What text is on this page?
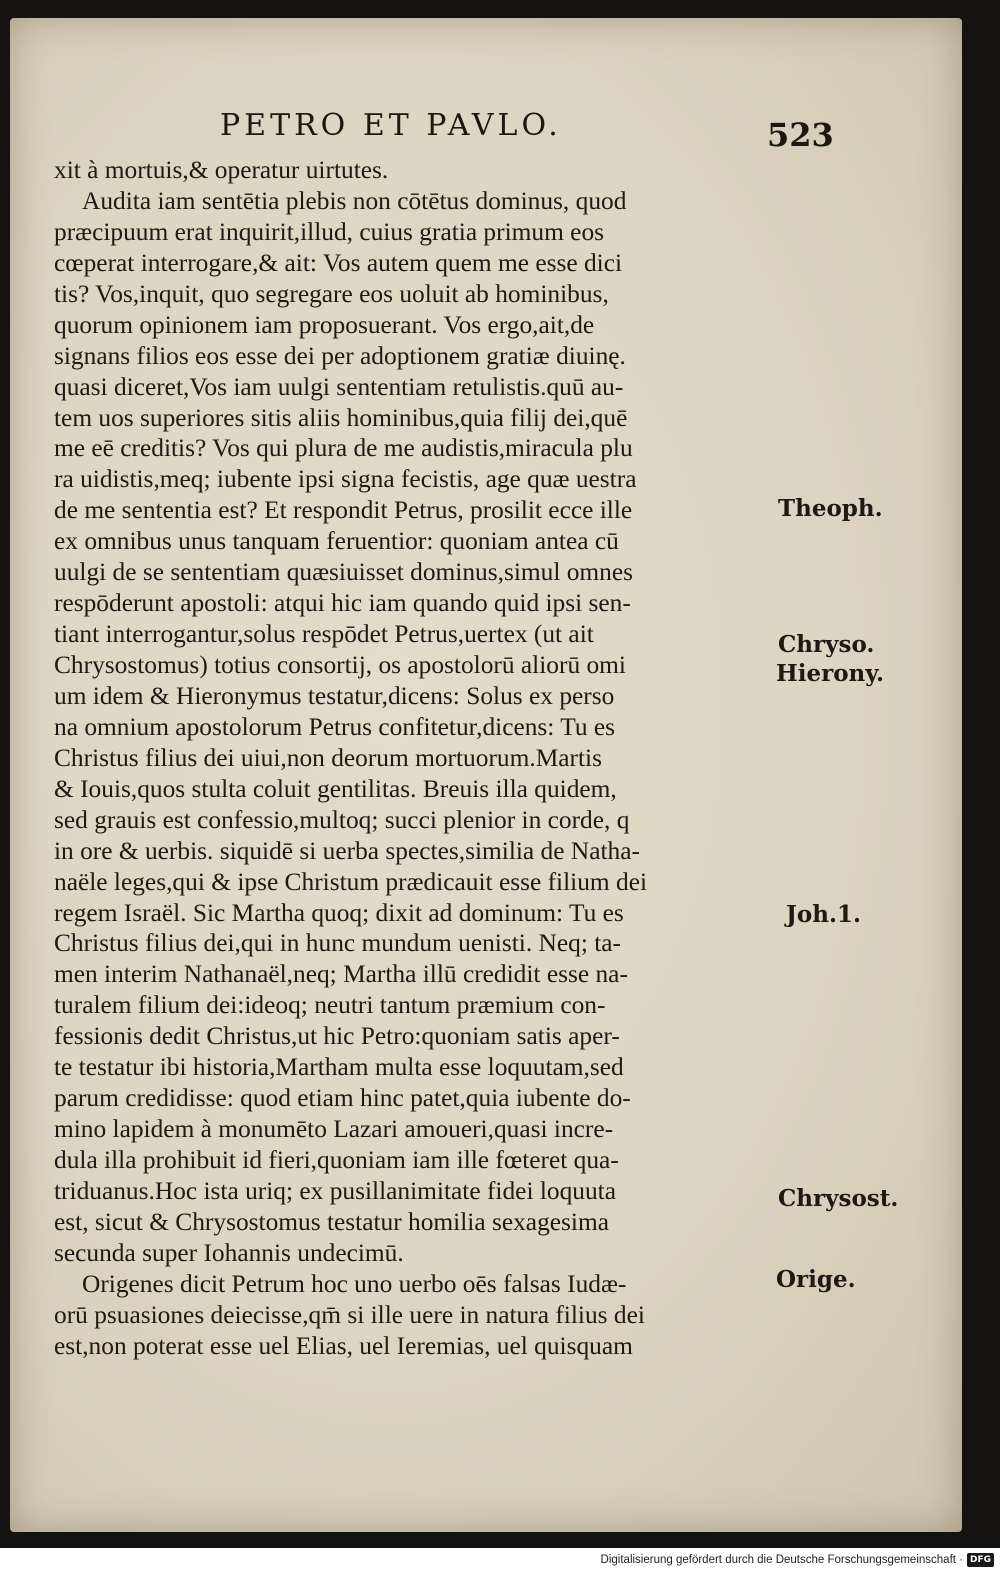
PETRO ET PAVLO.	523
xit à mortuis,& operatur uirtutes.
Audita iam sentētia plebis non cōtētus dominus, quod
præcipuum erat inquirit,illud, cuius gratia primum eos
cœperat interrogare,& ait: Vos autem quem me esse dici
tis? Vos,inquit, quo segregare eos uoluit ab hominibus,
quorum opinionem iam proposuerant. Vos ergo,ait,de
signans filios eos esse dei per adoptionem gratiæ diuinę.
quasi diceret,Vos iam uulgi sententiam retulistis.quū au-
tem uos superiores sitis aliis hominibus,quia filij dei,quē
me eē creditis? Vos qui plura de me audistis,miracula plu
ra uidistis,meq; iubente ipsi signa fecistis, age quæ uestra
de me sententia est? Et respondit Petrus, prosilit ecce ille
ex omnibus unus tanquam feruentior: quoniam antea cū
uulgi de se sententiam quæsiuisset dominus,simul omnes
respōderunt apostoli: atqui hic iam quando quid ipsi sen-
tiant interrogantur,solus respōdet Petrus,uertex (ut ait
Chrysostomus) totius consortij, os apostolorū aliorū omi
um idem & Hieronymus testatur,dicens: Solus ex perso
na omnium apostolorum Petrus confitetur,dicens: Tu es
Christus filius dei uiui,non deorum mortuorum.Martis
& Iouis,quos stulta coluit gentilitas. Breuis illa quidem,
sed grauis est confessio,multoq; succi plenior in corde, q
in ore & uerbis. siquidē si uerba spectes,similia de Natha-
naële leges,qui & ipse Christum prædicauit esse filium dei
regem Israël. Sic Martha quoq; dixit ad dominum: Tu es
Christus filius dei,qui in hunc mundum uenisti. Neq; ta-
men interim Nathanaël,neq; Martha illū credidit esse na-
turalem filium dei:ideoq; neutri tantum præmium con-
fessionis dedit Christus,ut hic Petro:quoniam satis aper-
te testatur ibi historia,Martham multa esse loquutam,sed
parum credidisse: quod etiam hinc patet,quia iubente do-
mino lapidem à monumēto Lazari amoueri,quasi incre-
dula illa prohibuit id fieri,quoniam iam ille fœteret qua-
triduanus.Hoc ista uriq; ex pusillanimitate fidei loquuta
est, sicut & Chrysostomus testatur homilia sexagesima
secunda super Iohannis undecimū.
Origenes dicit Petrum hoc uno uerbo oēs falsas Iudæ-
orū psuasiones deiecisse,qm̄ si ille uere in natura filius dei
est,non poterat esse uel Elias, uel Ieremias, uel quisquam
Theoph.
Chryso.
Hierony.
Joh.1.
Chrysost.
Orige.
Digitalisierung gefördert durch die Deutsche Forschungsgemeinschaft · DFG
